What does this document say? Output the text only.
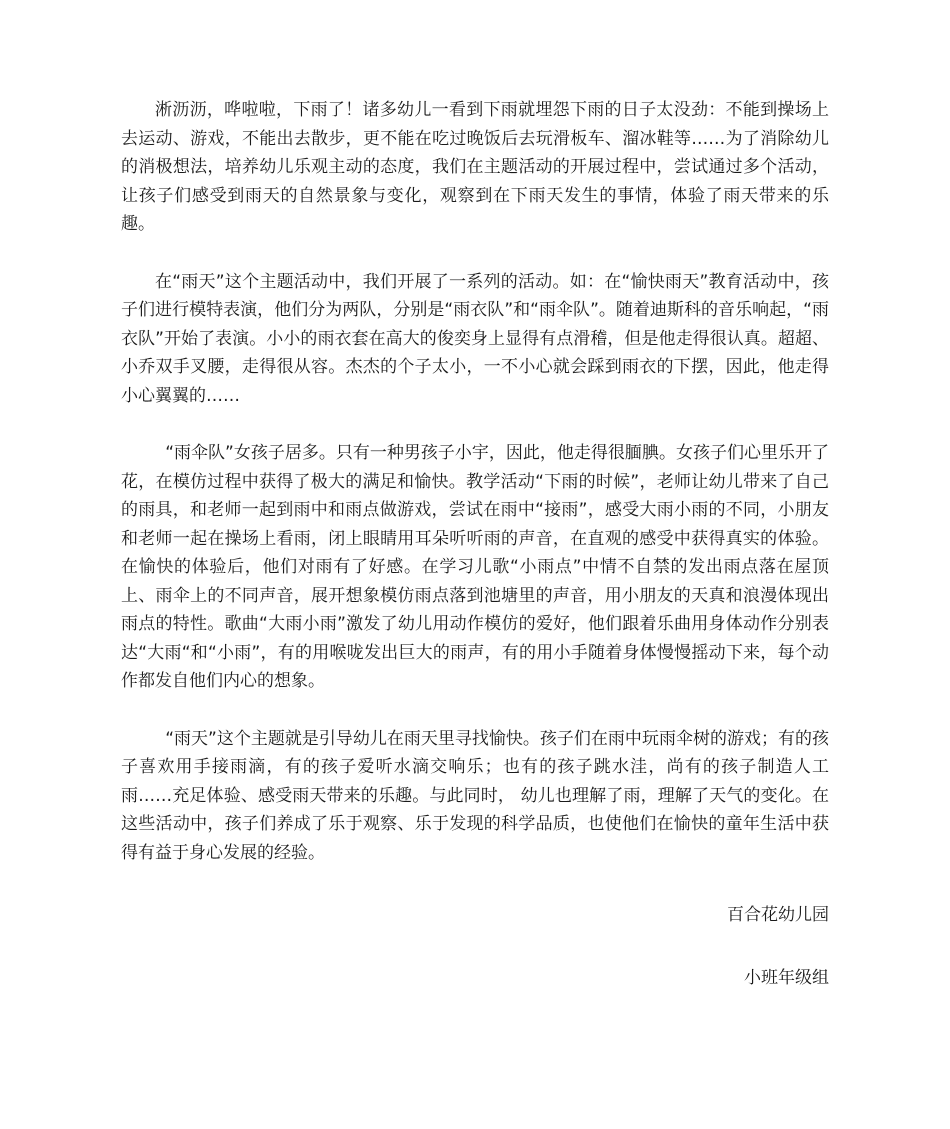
淅沥沥，哗啦啦，下雨了！诸多幼儿一看到下雨就埋怨下雨的日子太没劲：不能到操场上去运动、游戏，不能出去散步，更不能在吃过晚饭后去玩滑板车、溜冰鞋等……为了消除幼儿的消极想法，培养幼儿乐观主动的态度，我们在主题活动的开展过程中，尝试通过多个活动，让孩子们感受到雨天的自然景象与变化，观察到在下雨天发生的事情，体验了雨天带来的乐趣。

在“雨天”这个主题活动中，我们开展了一系列的活动。如：在“愉快雨天”教育活动中，孩子们进行模特表演，他们分为两队，分别是“雨衣队”和“雨伞队”。随着迪斯科的音乐响起，“雨衣队”开始了表演。小小的雨衣套在高大的俊奕身上显得有点滑稽，但是他走得很认真。超超、小乔双手叉腰，走得很从容。杰杰的个子太小，一不小心就会踩到雨衣的下摆，因此，他走得小心翼翼的……

“雨伞队”女孩子居多。只有一种男孩子小宇，因此，他走得很腼腆。女孩子们心里乐开了花，在模仿过程中获得了极大的满足和愉快。教学活动“下雨的时候”，老师让幼儿带来了自己的雨具，和老师一起到雨中和雨点做游戏，尝试在雨中“接雨”，感受大雨小雨的不同，小朋友和老师一起在操场上看雨，闭上眼睛用耳朵听听雨的声音，在直观的感受中获得真实的体验。在愉快的体验后，他们对雨有了好感。在学习儿歌“小雨点”中情不自禁的发出雨点落在屋顶上、雨伞上的不同声音，展开想象模仿雨点落到池塘里的声音，用小朋友的天真和浪漫体现出雨点的特性。歌曲“大雨小雨”激发了幼儿用动作模仿的爱好，他们跟着乐曲用身体动作分别表达“大雨“和“小雨”，有的用喉咙发出巨大的雨声，有的用小手随着身体慢慢摇动下来，每个动作都发自他们内心的想象。

“雨天”这个主题就是引导幼儿在雨天里寻找愉快。孩子们在雨中玩雨伞树的游戏；有的孩子喜欢用手接雨滴，有的孩子爱听水滴交响乐；也有的孩子跳水洼，尚有的孩子制造人工雨……充足体验、感受雨天带来的乐趣。与此同时， 幼儿也理解了雨，理解了天气的变化。在这些活动中，孩子们养成了乐于观察、乐于发现的科学品质，也使他们在愉快的童年生活中获得有益于身心发展的经验。

百合花幼儿园

小班年级组
